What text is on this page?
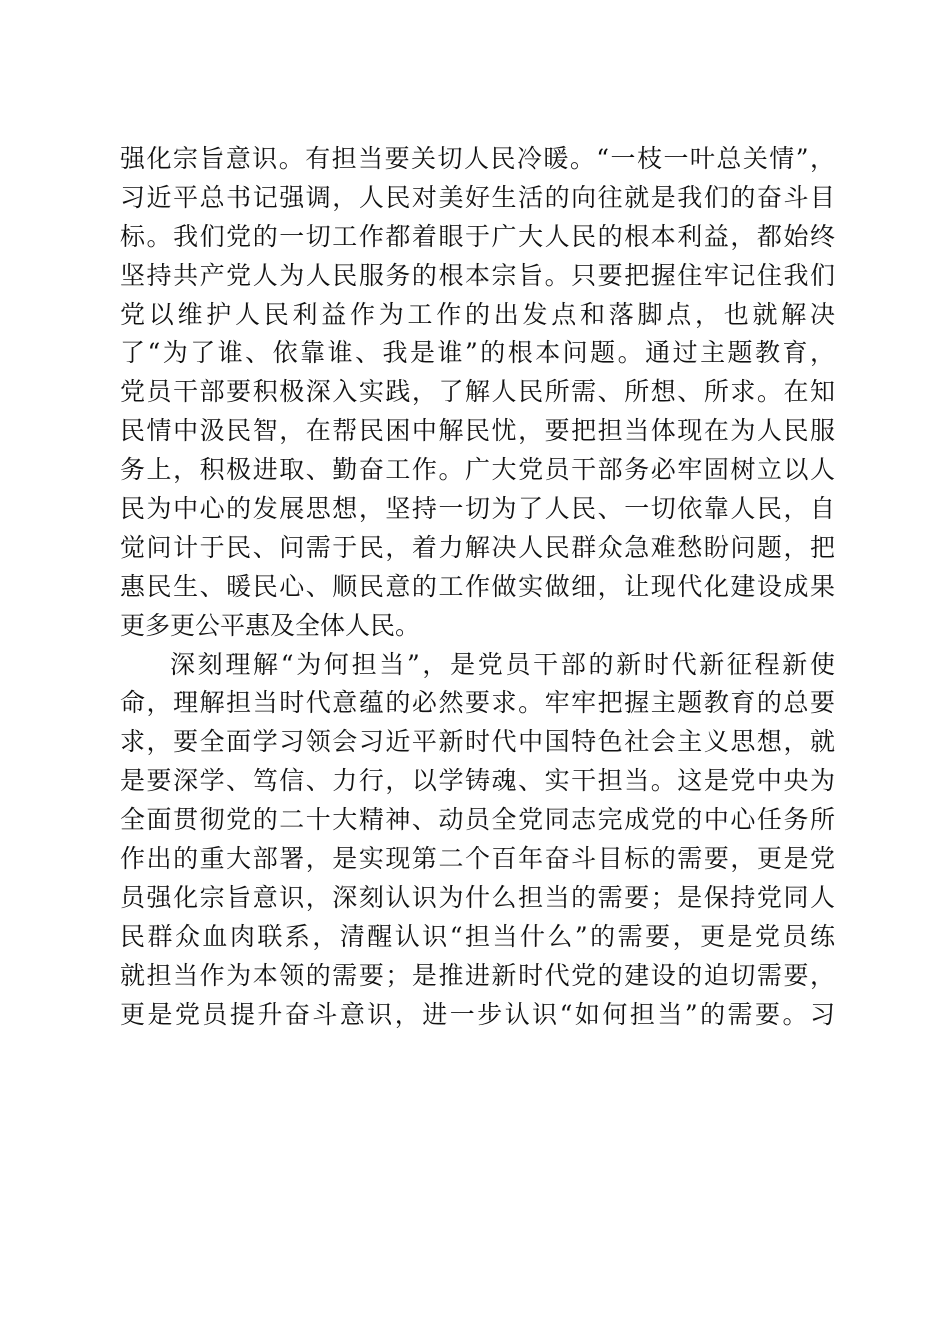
强化宗旨意识。有担当要关切人民冷暖。“一枝一叶总关情”，
习近平总书记强调，人民对美好生活的向往就是我们的奋斗目
标。我们党的一切工作都着眼于广大人民的根本利益，都始终
坚持共产党人为人民服务的根本宗旨。只要把握住牢记住我们
党以维护人民利益作为工作的出发点和落脚点，也就解决
了“为了谁、依靠谁、我是谁”的根本问题。通过主题教育，
党员干部要积极深入实践，了解人民所需、所想、所求。在知
民情中汲民智，在帮民困中解民忧，要把担当体现在为人民服
务上，积极进取、勤奋工作。广大党员干部务必牢固树立以人
民为中心的发展思想，坚持一切为了人民、一切依靠人民，自
觉问计于民、问需于民，着力解决人民群众急难愁盼问题，把
惠民生、暖民心、顺民意的工作做实做细，让现代化建设成果
更多更公平惠及全体人民。
深刻理解“为何担当”，是党员干部的新时代新征程新使
命，理解担当时代意蕴的必然要求。牢牢把握主题教育的总要
求，要全面学习领会习近平新时代中国特色社会主义思想，就
是要深学、笃信、力行，以学铸魂、实干担当。这是党中央为
全面贯彻党的二十大精神、动员全党同志完成党的中心任务所
作出的重大部署，是实现第二个百年奋斗目标的需要，更是党
员强化宗旨意识，深刻认识为什么担当的需要；是保持党同人
民群众血肉联系，清醒认识“担当什么”的需要，更是党员练
就担当作为本领的需要；是推进新时代党的建设的迫切需要，
更是党员提升奋斗意识，进一步认识“如何担当”的需要。习
